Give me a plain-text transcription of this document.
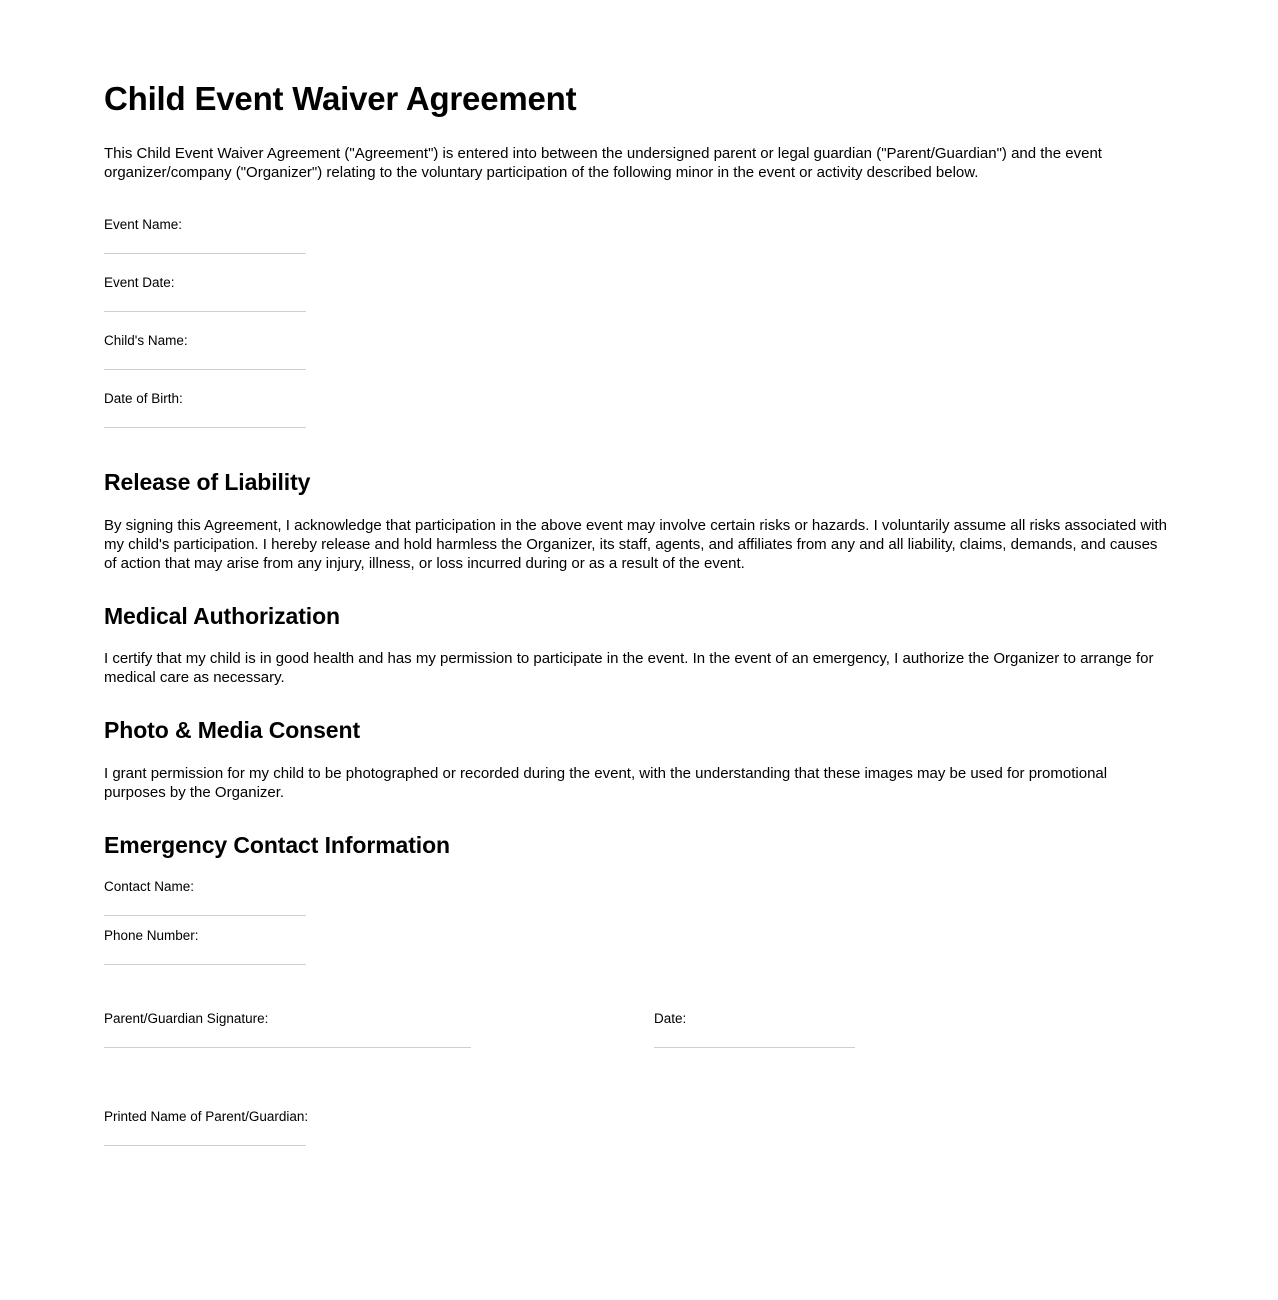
Child Event Waiver Agreement

This Child Event Waiver Agreement ("Agreement") is entered into between the undersigned parent or legal guardian ("Parent/Guardian") and the event organizer/company ("Organizer") relating to the voluntary participation of the following minor in the event or activity described below.

Event Name:
Event Date:
Child's Name:
Date of Birth:
Release of Liability

By signing this Agreement, I acknowledge that participation in the above event may involve certain risks or hazards. I voluntarily assume all risks associated with my child's participation. I hereby release and hold harmless the Organizer, its staff, agents, and affiliates from any and all liability, claims, demands, and causes of action that may arise from any injury, illness, or loss incurred during or as a result of the event.

Medical Authorization

I certify that my child is in good health and has my permission to participate in the event. In the event of an emergency, I authorize the Organizer to arrange for medical care as necessary.

Photo & Media Consent

I grant permission for my child to be photographed or recorded during the event, with the understanding that these images may be used for promotional purposes by the Organizer.

Emergency Contact Information
Contact Name:
Phone Number:
Parent/Guardian Signature:	Date:
Printed Name of Parent/Guardian:
